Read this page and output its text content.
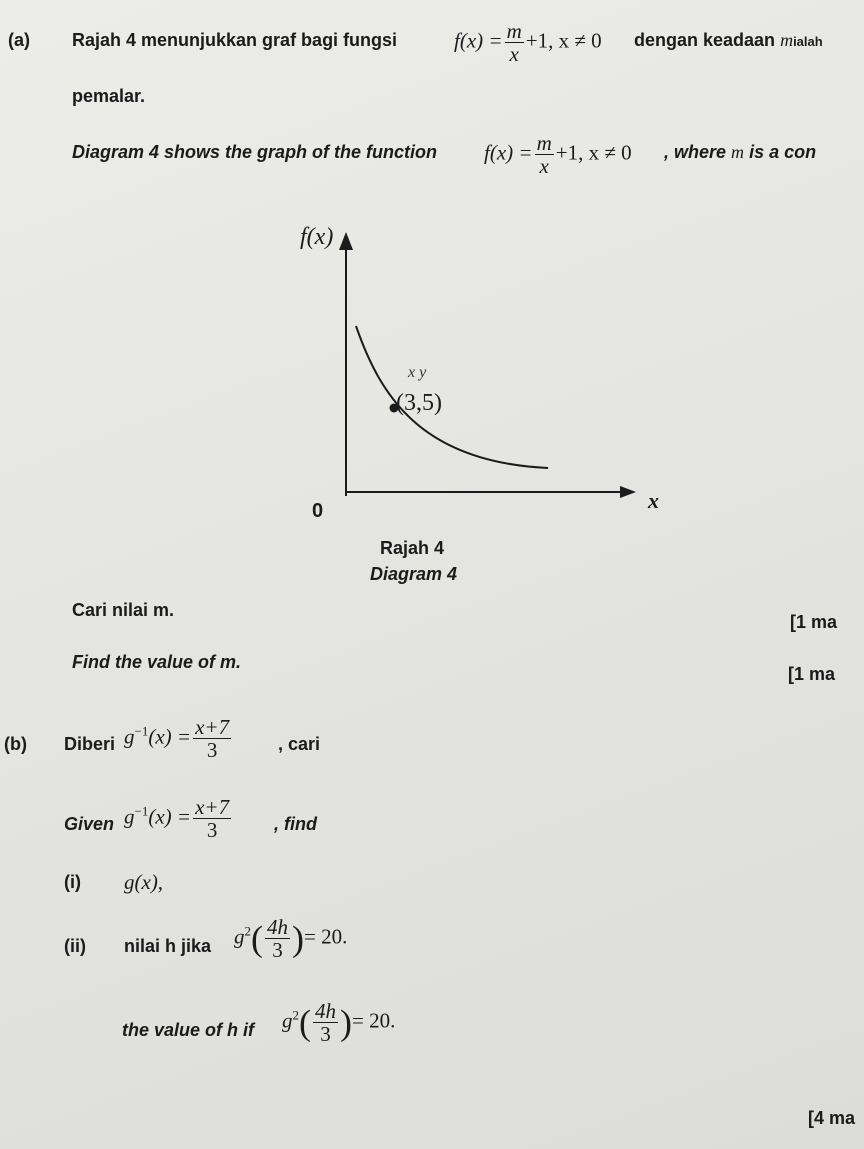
(a) Rajah 4 menunjukkan graf bagi fungsi	$f(x) = \frac{m}{x} +1$, x ≠ 0 dengan keadaan mialah
pemalar.
Diagram 4 shows the graph of the function $f(x) = \frac{m}{x} +1$, x ≠ 0 , where m is a con
f(x)
x y
(3,5)
0	x
Rajah 4
Diagram 4
Cari nilai m.
[1 ma
Find the value of m.
[1 ma
(b) Diberi $g^{-1}(x) = \frac{x+7}{3}$	, cari
Given $g^{-1}(x) = \frac{x+7}{3}$ , find
(i) g(x),
(ii) nilai h jika $g^2( \frac{4h}{3}$ )= 20.
the value of h if $g^2( \frac{4h}{3}$ )= 20.
[4 ma
